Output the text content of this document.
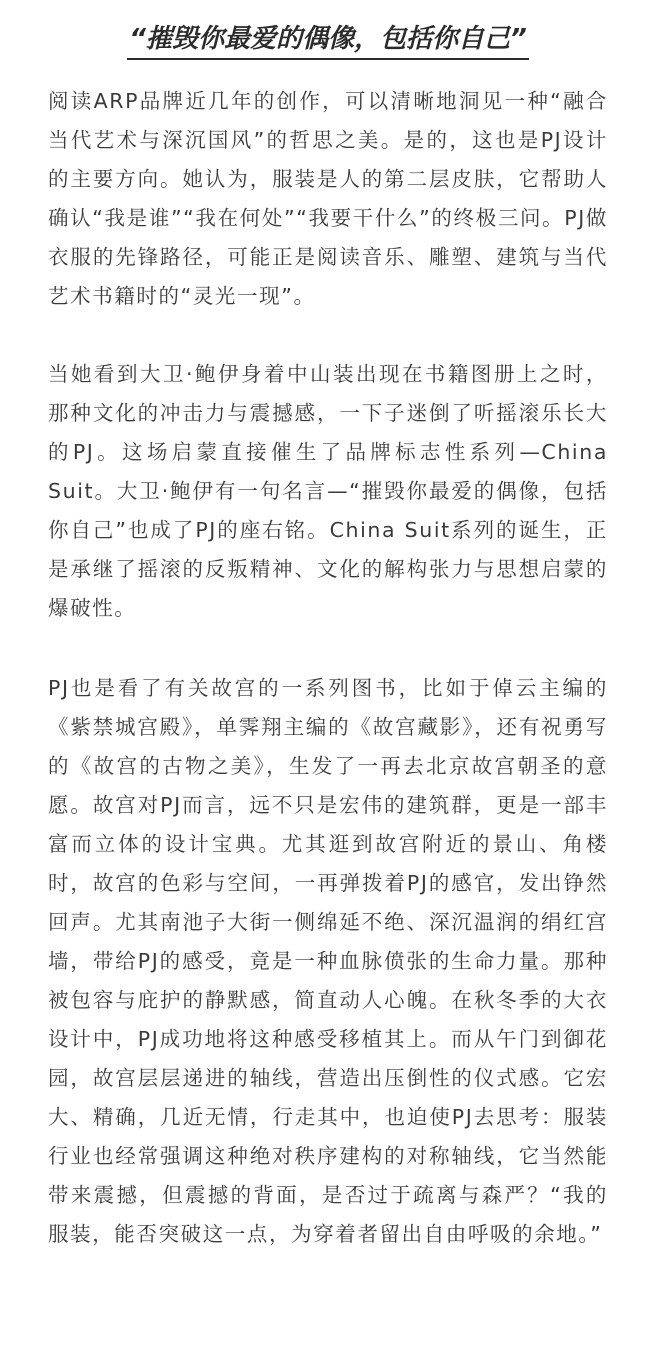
“摧毁你最爱的偶像，包括你自己”

阅读ARP品牌近几年的创作，可以清晰地洞见一种“融合当代艺术与深沉国风”的哲思之美。是的，这也是PJ设计的主要方向。她认为，服装是人的第二层皮肤，它帮助人确认“我是谁”“我在何处”“我要干什么”的终极三问。PJ做衣服的先锋路径，可能正是阅读音乐、雕塑、建筑与当代艺术书籍时的“灵光一现”。

当她看到大卫·鲍伊身着中山装出现在书籍图册上之时，那种文化的冲击力与震撼感，一下子迷倒了听摇滚乐长大的PJ。这场启蒙直接催生了品牌标志性系列—China Suit。大卫·鲍伊有一句名言—“摧毁你最爱的偶像，包括你自己”也成了PJ的座右铭。China Suit系列的诞生，正是承继了摇滚的反叛精神、文化的解构张力与思想启蒙的爆破性。

PJ也是看了有关故宫的一系列图书，比如于倬云主编的《紫禁城宫殿》，单霁翔主编的《故宫藏影》，还有祝勇写的《故宫的古物之美》，生发了一再去北京故宫朝圣的意愿。故宫对PJ而言，远不只是宏伟的建筑群，更是一部丰富而立体的设计宝典。尤其逛到故宫附近的景山、角楼时，故宫的色彩与空间，一再弹拨着PJ的感官，发出铮然回声。尤其南池子大街一侧绵延不绝、深沉温润的绢红宫墙，带给PJ的感受，竟是一种血脉偾张的生命力量。那种被包容与庇护的静默感，简直动人心魄。在秋冬季的大衣设计中，PJ成功地将这种感受移植其上。而从午门到御花园，故宫层层递进的轴线，营造出压倒性的仪式感。它宏大、精确，几近无情，行走其中，也迫使PJ去思考：服装行业也经常强调这种绝对秩序建构的对称轴线，它当然能带来震撼，但震撼的背面，是否过于疏离与森严？“我的服装，能否突破这一点，为穿着者留出自由呼吸的余地。”
